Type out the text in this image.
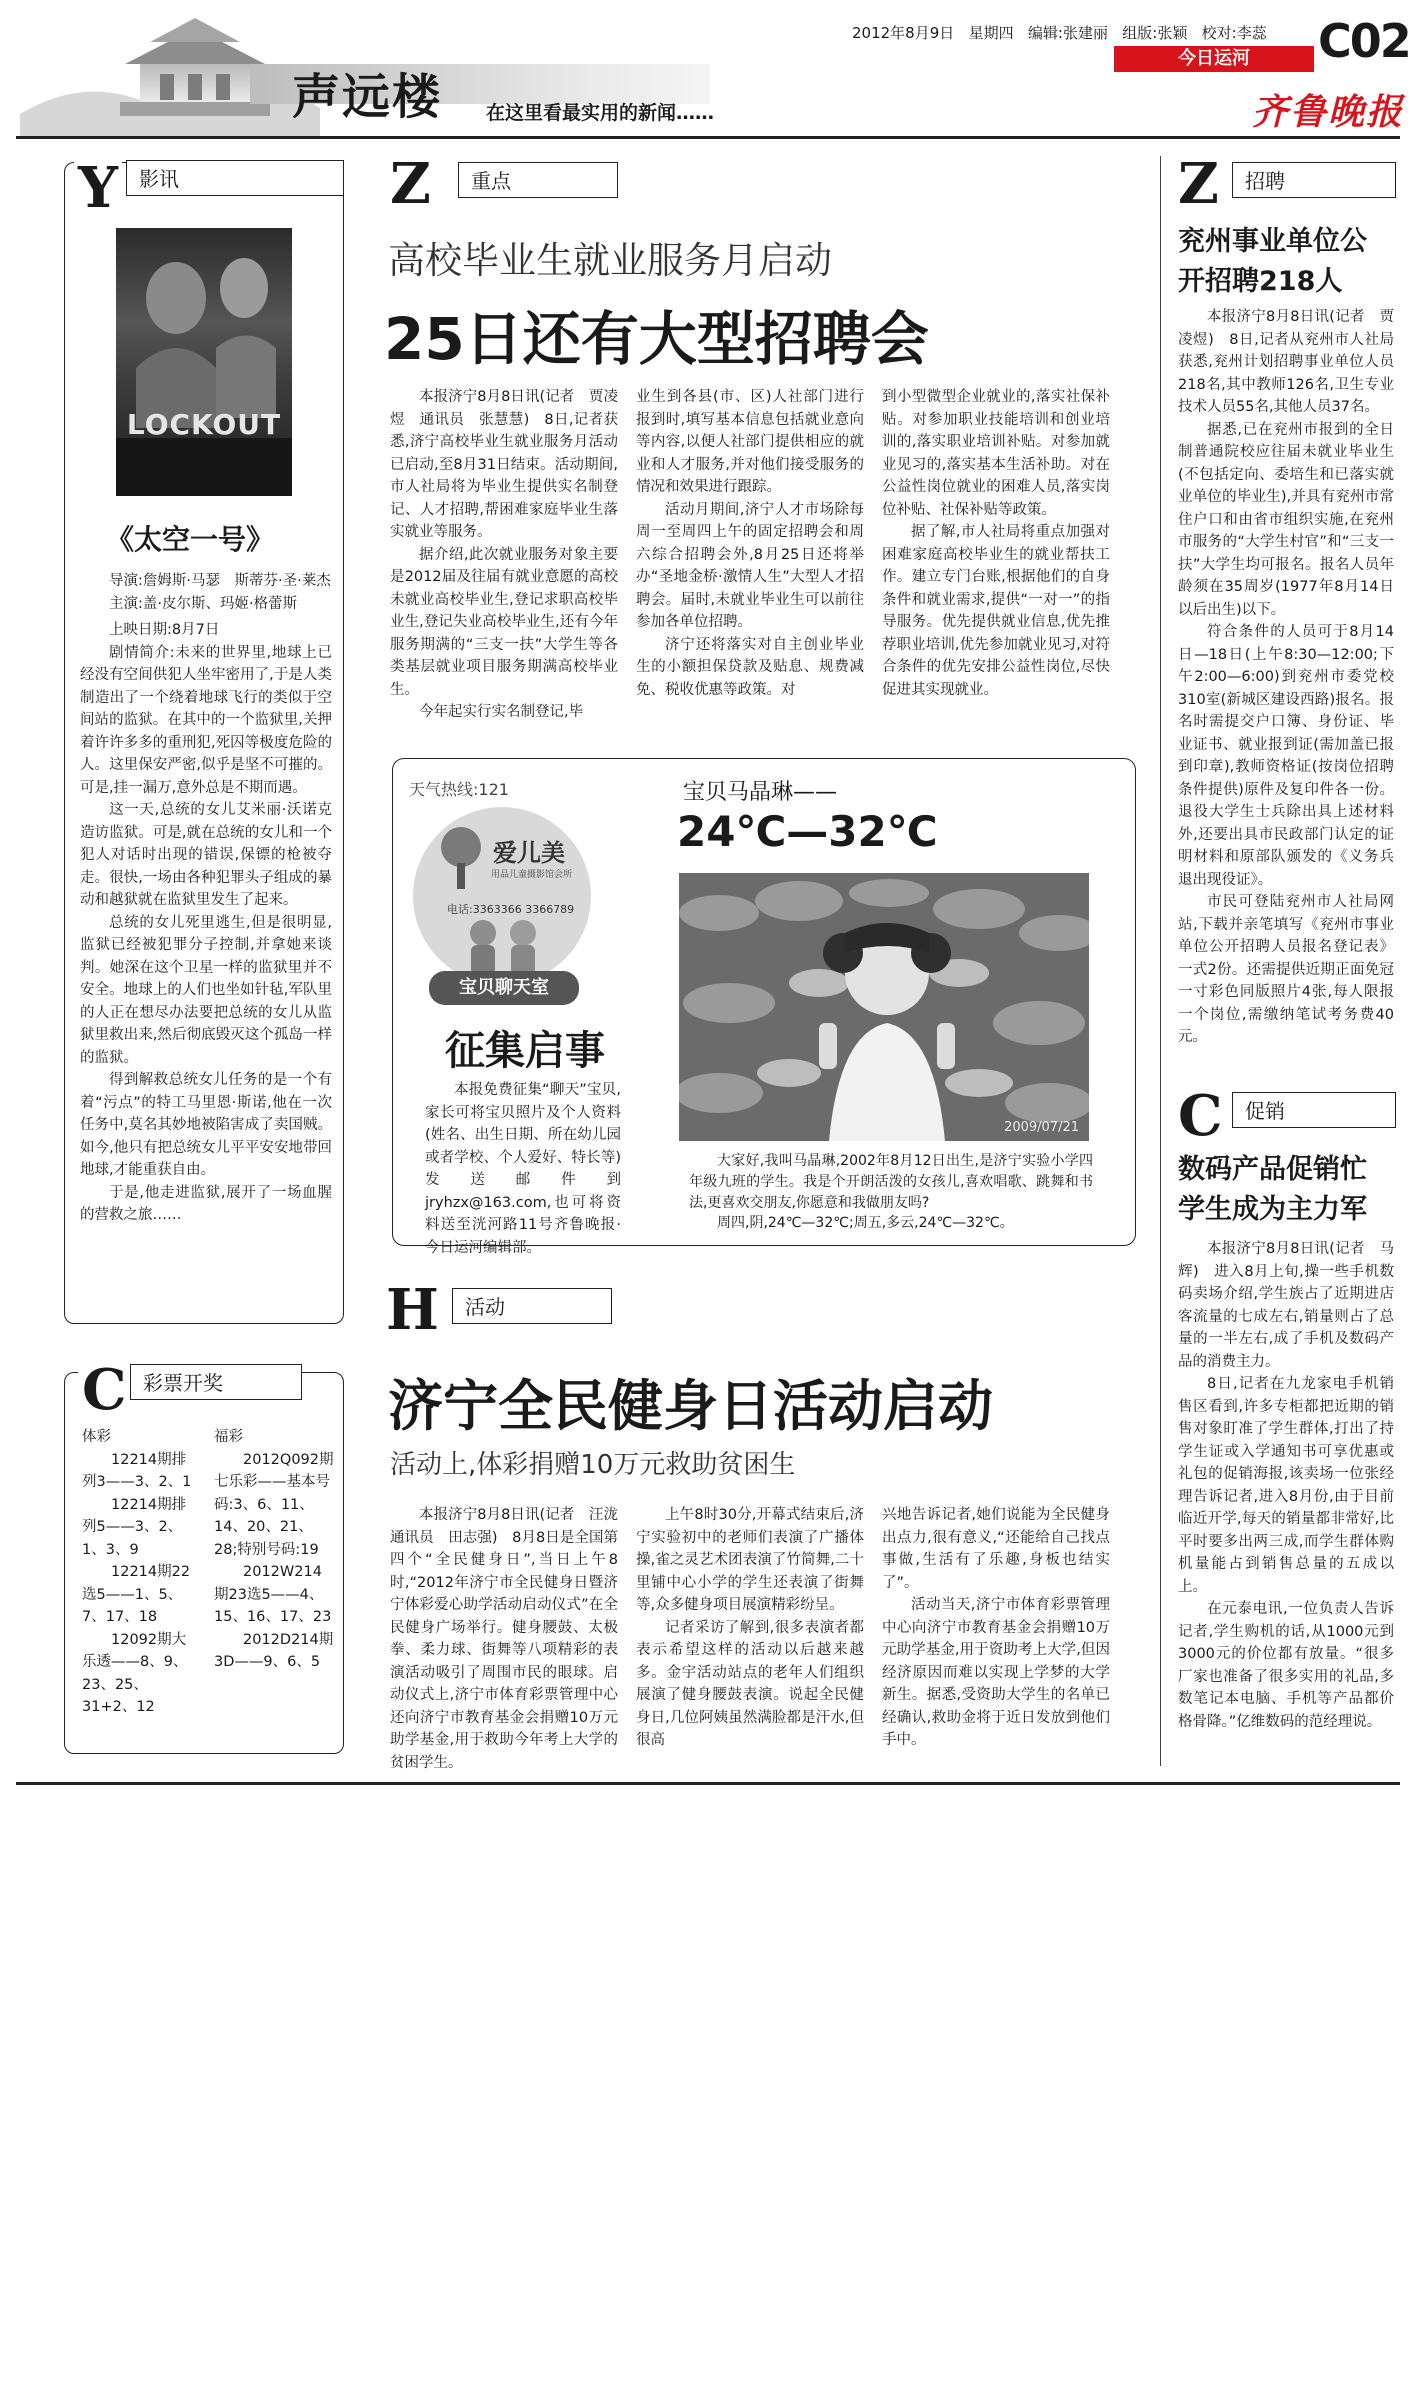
声远楼 在这里看最实用的新闻……
2012年8月9日 星期四 编辑:张建丽 组版:张颖 校对:李蕊 C02
今日运河
齐鲁晚报
Y	影讯
LOCKOUT
《太空一号》

导演:詹姆斯·马瑟　斯蒂芬·圣·莱杰

主演:盖·皮尔斯、玛姬·格蕾斯

上映日期:8月7日

剧情简介:未来的世界里,地球上已经没有空间供犯人坐牢密用了,于是人类制造出了一个绕着地球飞行的类似于空间站的监狱。在其中的一个监狱里,关押着许许多多的重刑犯,死囚等极度危险的人。这里保安严密,似乎是坚不可摧的。可是,挂一漏万,意外总是不期而遇。

这一天,总统的女儿艾米丽·沃诺克造访监狱。可是,就在总统的女儿和一个犯人对话时出现的错误,保镖的枪被夺走。很快,一场由各种犯罪头子组成的暴动和越狱就在监狱里发生了起来。

总统的女儿死里逃生,但是很明显,监狱已经被犯罪分子控制,并拿她来谈判。她深在这个卫星一样的监狱里并不安全。地球上的人们也坐如针毡,军队里的人正在想尽办法要把总统的女儿从监狱里救出来,然后彻底毁灭这个孤岛一样的监狱。

得到解救总统女儿任务的是一个有着“污点”的特工马里恩·斯诺,他在一次任务中,莫名其妙地被陷害成了卖国贼。如今,他只有把总统女儿平平安安地带回地球,才能重获自由。

于是,他走进监狱,展开了一场血腥的营救之旅……

C 彩票开奖
体彩
12214期排列3——3、2、1
12214期排列5——3、2、1、3、9
12214期22选5——1、5、7、17、18
12092期大乐透——8、9、23、25、31+2、12
福彩
2012Q092期七乐彩——基本号码:3、6、11、14、20、21、28;特别号码:19
2012W214期23选5——4、15、16、17、23
2012D214期3D——9、6、5
Z	重点
高校毕业生就业服务月启动
25日还有大型招聘会

本报济宁8月8日讯(记者　贾凌煜　通讯员　张慧慧)　8日,记者获悉,济宁高校毕业生就业服务月活动已启动,至8月31日结束。活动期间,市人社局将为毕业生提供实名制登记、人才招聘,帮困难家庭毕业生落实就业等服务。

据介绍,此次就业服务对象主要是2012届及往届有就业意愿的高校未就业高校毕业生,登记求职高校毕业生,登记失业高校毕业生,还有今年服务期满的“三支一扶”大学生等各类基层就业项目服务期满高校毕业生。

今年起实行实名制登记,毕

业生到各县(市、区)人社部门进行报到时,填写基本信息包括就业意向等内容,以便人社部门提供相应的就业和人才服务,并对他们接受服务的情况和效果进行跟踪。

活动月期间,济宁人才市场除每周一至周四上午的固定招聘会和周六综合招聘会外,8月25日还将举办“圣地金桥·激情人生”大型人才招聘会。届时,未就业毕业生可以前往参加各单位招聘。

济宁还将落实对自主创业毕业生的小额担保贷款及贴息、规费减免、税收优惠等政策。对

到小型微型企业就业的,落实社保补贴。对参加职业技能培训和创业培训的,落实职业培训补贴。对参加就业见习的,落实基本生活补助。对在公益性岗位就业的困难人员,落实岗位补贴、社保补贴等政策。

据了解,市人社局将重点加强对困难家庭高校毕业生的就业帮扶工作。建立专门台账,根据他们的自身条件和就业需求,提供“一对一”的指导服务。优先提供就业信息,优先推荐职业培训,优先参加就业见习,对符合条件的优先安排公益性岗位,尽快促进其实现就业。

天气热线:121
爱儿美
用品儿童摄影馆会所
电话:3363366 3366789
宝贝聊天室
征集启事
本报免费征集“聊天”宝贝,家长可将宝贝照片及个人资料(姓名、出生日期、所在幼儿园或者学校、个人爱好、特长等)发送邮件到jryhzx@163.com,也可将资料送至洸河路11号齐鲁晚报·今日运河编辑部。
宝贝马晶琳——
24℃—32℃
2009/07/21
大家好,我叫马晶琳,2002年8月12日出生,是济宁实验小学四年级九班的学生。我是个开朗活泼的女孩儿,喜欢唱歌、跳舞和书法,更喜欢交朋友,你愿意和我做朋友吗?
周四,阴,24℃—32℃;周五,多云,24℃—32℃。
H	活动
济宁全民健身日活动启动
活动上,体彩捐赠10万元救助贫困生

本报济宁8月8日讯(记者　汪泷　通讯员　田志强)　8月8日是全国第四个“全民健身日”,当日上午8时,“2012年济宁市全民健身日暨济宁体彩爱心助学活动启动仪式”在全民健身广场举行。健身腰鼓、太极拳、柔力球、街舞等八项精彩的表演活动吸引了周围市民的眼球。启动仪式上,济宁市体育彩票管理中心还向济宁市教育基金会捐赠10万元助学基金,用于救助今年考上大学的贫困学生。

上午8时30分,开幕式结束后,济宁实验初中的老师们表演了广播体操,雀之灵艺术团表演了竹简舞,二十里铺中心小学的学生还表演了街舞等,众多健身项目展演精彩纷呈。

记者采访了解到,很多表演者都表示希望这样的活动以后越来越多。金宇活动站点的老年人们组织展演了健身腰鼓表演。说起全民健身日,几位阿姨虽然满脸都是汗水,但很高

兴地告诉记者,她们说能为全民健身出点力,很有意义,“还能给自己找点事做,生活有了乐趣,身板也结实了”。

活动当天,济宁市体育彩票管理中心向济宁市教育基金会捐赠10万元助学基金,用于资助考上大学,但因经济原因而难以实现上学梦的大学新生。据悉,受资助大学生的名单已经确认,救助金将于近日发放到他们手中。

Z	招聘
兖州事业单位公开招聘218人

本报济宁8月8日讯(记者　贾凌煜)　8日,记者从兖州市人社局获悉,兖州计划招聘事业单位人员218名,其中教师126名,卫生专业技术人员55名,其他人员37名。

据悉,已在兖州市报到的全日制普通院校应往届未就业毕业生(不包括定向、委培生和已落实就业单位的毕业生),并具有兖州市常住户口和由省市组织实施,在兖州市服务的“大学生村官”和“三支一扶”大学生均可报名。报名人员年龄须在35周岁(1977年8月14日以后出生)以下。

符合条件的人员可于8月14日—18日(上午8:30—12:00;下午2:00—6:00)到兖州市委党校310室(新城区建设西路)报名。报名时需提交户口簿、身份证、毕业证书、就业报到证(需加盖已报到印章),教师资格证(按岗位招聘条件提供)原件及复印件各一份。退役大学生士兵除出具上述材料外,还要出具市民政部门认定的证明材料和原部队颁发的《义务兵退出现役证》。

市民可登陆兖州市人社局网站,下载并亲笔填写《兖州市事业单位公开招聘人员报名登记表》一式2份。还需提供近期正面免冠一寸彩色同版照片4张,每人限报一个岗位,需缴纳笔试考务费40元。

C	促销
数码产品促销忙学生成为主力军

本报济宁8月8日讯(记者　马辉)　进入8月上旬,操一些手机数码卖场介绍,学生族占了近期进店客流量的七成左右,销量则占了总量的一半左右,成了手机及数码产品的消费主力。

8日,记者在九龙家电手机销售区看到,许多专柜都把近期的销售对象盯准了学生群体,打出了持学生证或入学通知书可享优惠或礼包的促销海报,该卖场一位张经理告诉记者,进入8月份,由于目前临近开学,每天的销量都非常好,比平时要多出两三成,而学生群体购机量能占到销售总量的五成以上。

在元泰电讯,一位负责人告诉记者,学生购机的话,从1000元到3000元的价位都有放量。“很多厂家也准备了很多实用的礼品,多数笔记本电脑、手机等产品都价格骨降。”亿维数码的范经理说。
